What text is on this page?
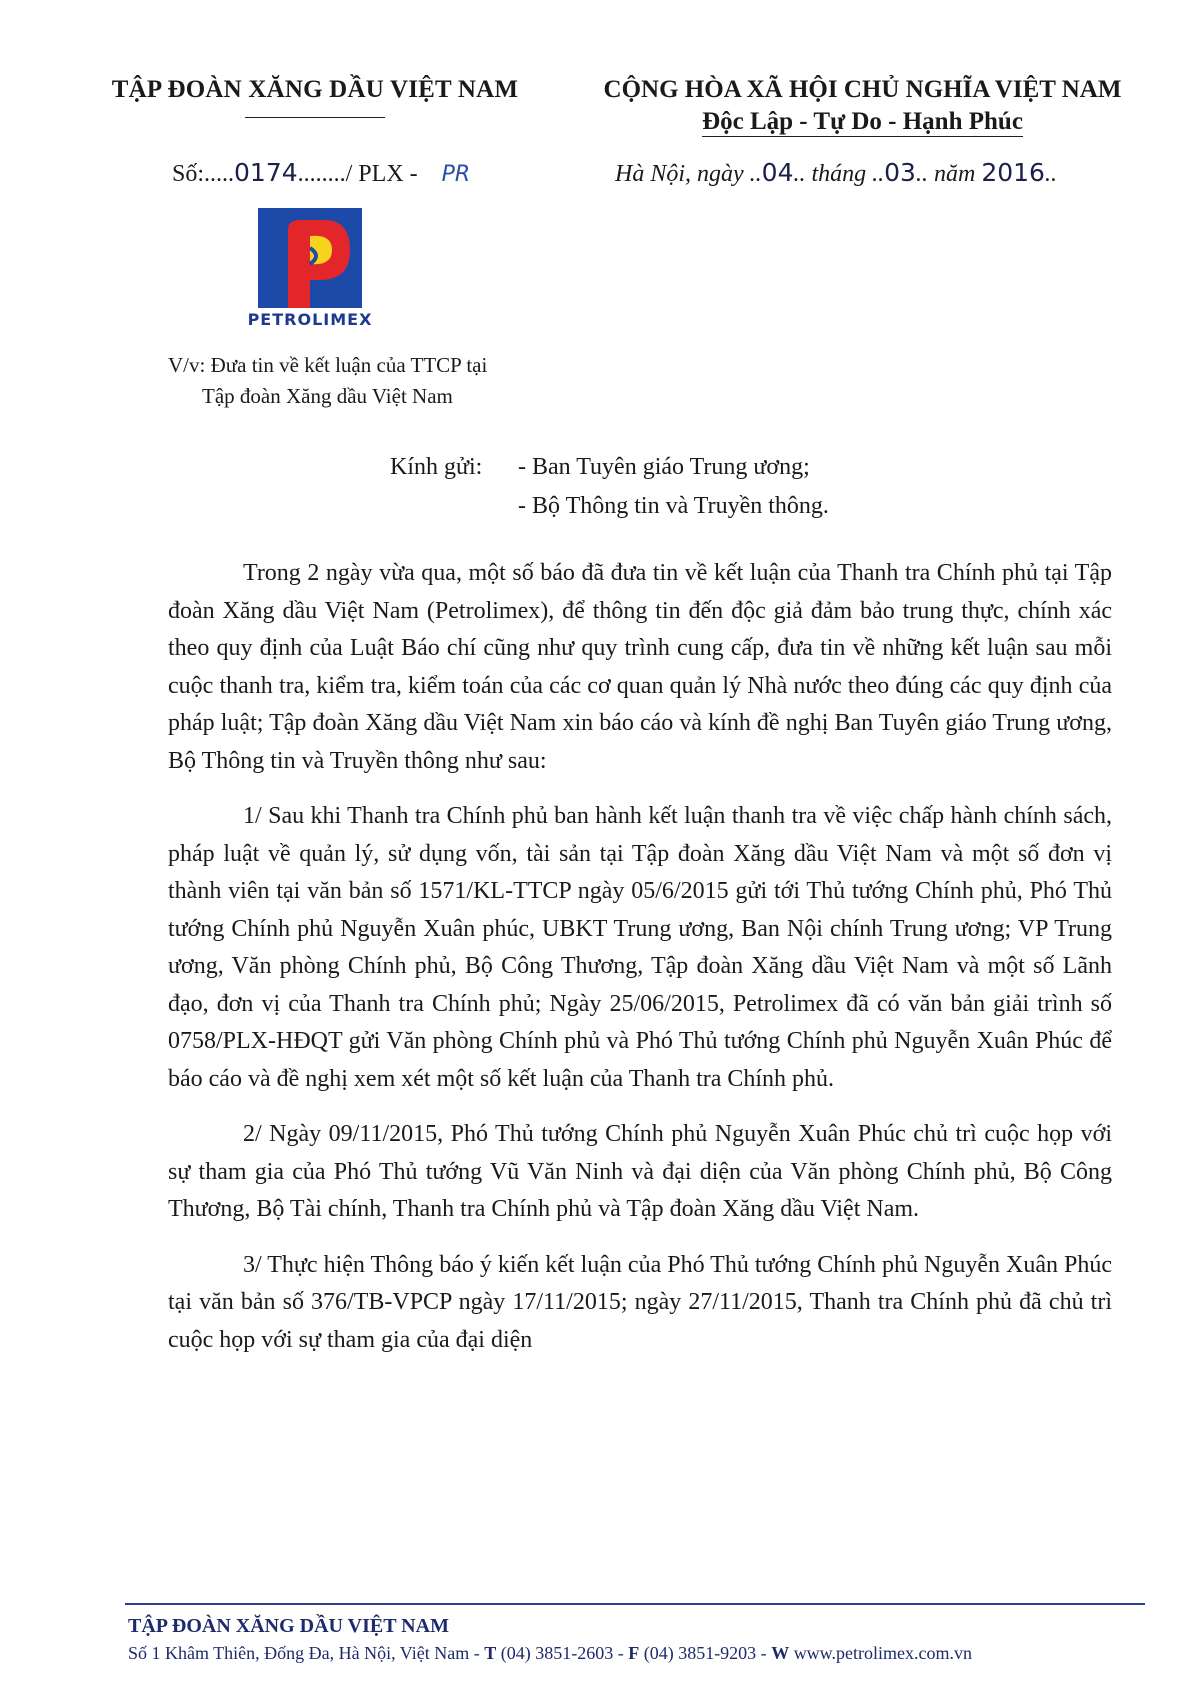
TẬP ĐOÀN XĂNG DẦU VIỆT NAM	CỘNG HÒA XÃ HỘI CHỦ NGHĨA VIỆT NAM
Độc Lập - Tự Do - Hạnh Phúc
Số:.....0174......../ PLX - PR	Hà Nội, ngày ..04.. tháng ..03.. năm 2016..
PETROLIMEX
V/v: Đưa tin về kết luận của TTCP tại
Tập đoàn Xăng dầu Việt Nam
Kính gửi:	- Ban Tuyên giáo Trung ương;
- Bộ Thông tin và Truyền thông.

Trong 2 ngày vừa qua, một số báo đã đưa tin về kết luận của Thanh tra Chính phủ tại Tập đoàn Xăng dầu Việt Nam (Petrolimex), để thông tin đến độc giả đảm bảo trung thực, chính xác theo quy định của Luật Báo chí cũng như quy trình cung cấp, đưa tin về những kết luận sau mỗi cuộc thanh tra, kiểm tra, kiểm toán của các cơ quan quản lý Nhà nước theo đúng các quy định của pháp luật; Tập đoàn Xăng dầu Việt Nam xin báo cáo và kính đề nghị Ban Tuyên giáo Trung ương, Bộ Thông tin và Truyền thông như sau:

1/ Sau khi Thanh tra Chính phủ ban hành kết luận thanh tra về việc chấp hành chính sách, pháp luật về quản lý, sử dụng vốn, tài sản tại Tập đoàn Xăng dầu Việt Nam và một số đơn vị thành viên tại văn bản số 1571/KL-TTCP ngày 05/6/2015 gửi tới Thủ tướng Chính phủ, Phó Thủ tướng Chính phủ Nguyễn Xuân phúc, UBKT Trung ương, Ban Nội chính Trung ương; VP Trung ương, Văn phòng Chính phủ, Bộ Công Thương, Tập đoàn Xăng dầu Việt Nam và một số Lãnh đạo, đơn vị của Thanh tra Chính phủ; Ngày 25/06/2015, Petrolimex đã có văn bản giải trình số 0758/PLX-HĐQT gửi Văn phòng Chính phủ và Phó Thủ tướng Chính phủ Nguyễn Xuân Phúc để báo cáo và đề nghị xem xét một số kết luận của Thanh tra Chính phủ.

2/ Ngày 09/11/2015, Phó Thủ tướng Chính phủ Nguyễn Xuân Phúc chủ trì cuộc họp với sự tham gia của Phó Thủ tướng Vũ Văn Ninh và đại diện của Văn phòng Chính phủ, Bộ Công Thương, Bộ Tài chính, Thanh tra Chính phủ và Tập đoàn Xăng dầu Việt Nam.

3/ Thực hiện Thông báo ý kiến kết luận của Phó Thủ tướng Chính phủ Nguyễn Xuân Phúc tại văn bản số 376/TB-VPCP ngày 17/11/2015; ngày 27/11/2015, Thanh tra Chính phủ đã chủ trì cuộc họp với sự tham gia của đại diện

TẬP ĐOÀN XĂNG DẦU VIỆT NAM
Số 1 Khâm Thiên, Đống Đa, Hà Nội, Việt Nam - T (04) 3851-2603 - F (04) 3851-9203 - W www.petrolimex.com.vn
